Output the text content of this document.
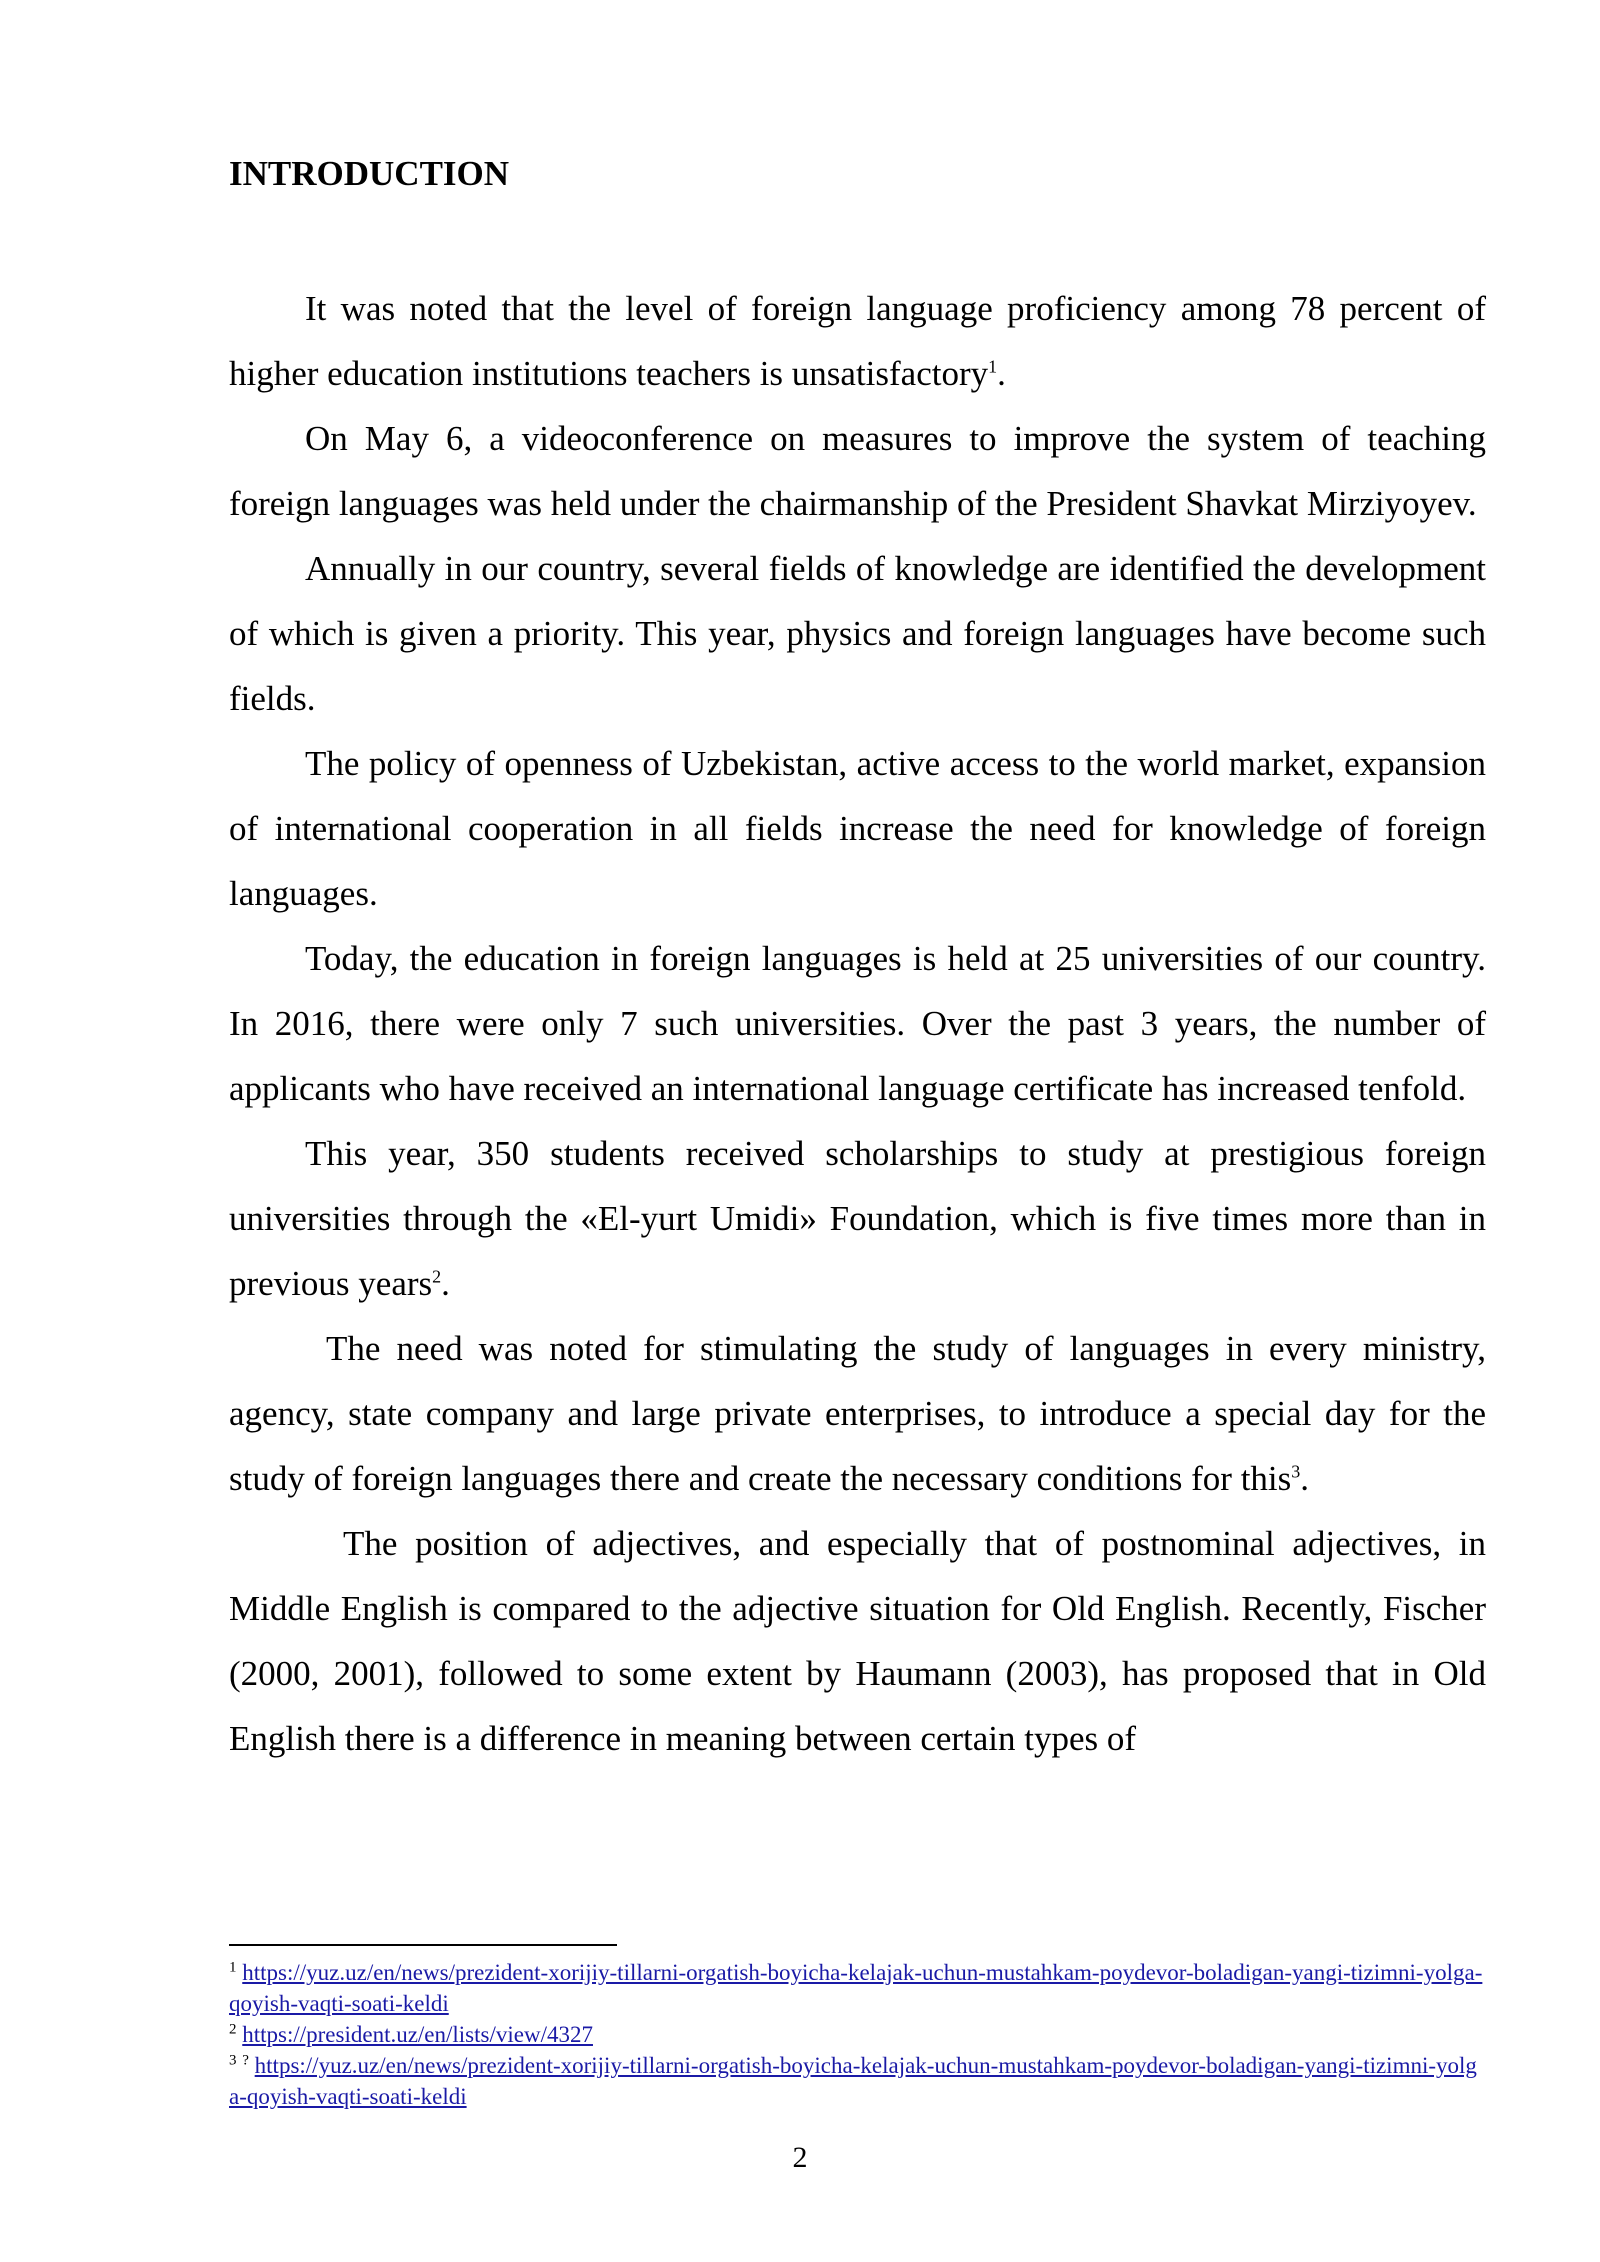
INTRODUCTION

It was noted that the level of foreign language proficiency among 78 percent of higher education institutions teachers is unsatisfactory$^1$.

On May 6, a videoconference on measures to improve the system of teaching foreign languages was held under the chairmanship of the President Shavkat Mirziyoyev.

Annually in our country, several fields of knowledge are identified the development of which is given a priority. This year, physics and foreign languages have become such fields.

The policy of openness of Uzbekistan, active access to the world market, expansion of international cooperation in all fields increase the need for knowledge of foreign languages.

Today, the education in foreign languages is held at 25 universities of our country. In 2016, there were only 7 such universities. Over the past 3 years, the number of applicants who have received an international language certificate has increased tenfold.

This year, 350 students received scholarships to study at prestigious foreign universities through the «El-yurt Umidi» Foundation, which is five times more than in previous years$^2$.

The need was noted for stimulating the study of languages in every ministry, agency, state company and large private enterprises, to introduce a special day for the study of foreign languages there and create the necessary conditions for this$^3$.

The position of adjectives, and especially that of postnominal adjectives, in Middle English is compared to the adjective situation for Old English. Recently, Fischer (2000, 2001), followed to some extent by Haumann (2003), has proposed that in Old English there is a difference in meaning between certain types of

$^1$ https://yuz.uz/en/news/prezident-xorijiy-tillarni-orgatish-boyicha-kelajak-uchun-mustahkam-poydevor-boladigan-yangi-tizimni-yolga-qoyish-vaqti-soati-keldi

$^2$ https://president.uz/en/lists/view/4327

$^3$ ? https://yuz.uz/en/news/prezident-xorijiy-tillarni-orgatish-boyicha-kelajak-uchun-mustahkam-poydevor-boladigan-yangi-tizimni-yolga-qoyish-vaqti-soati-keldi

2
